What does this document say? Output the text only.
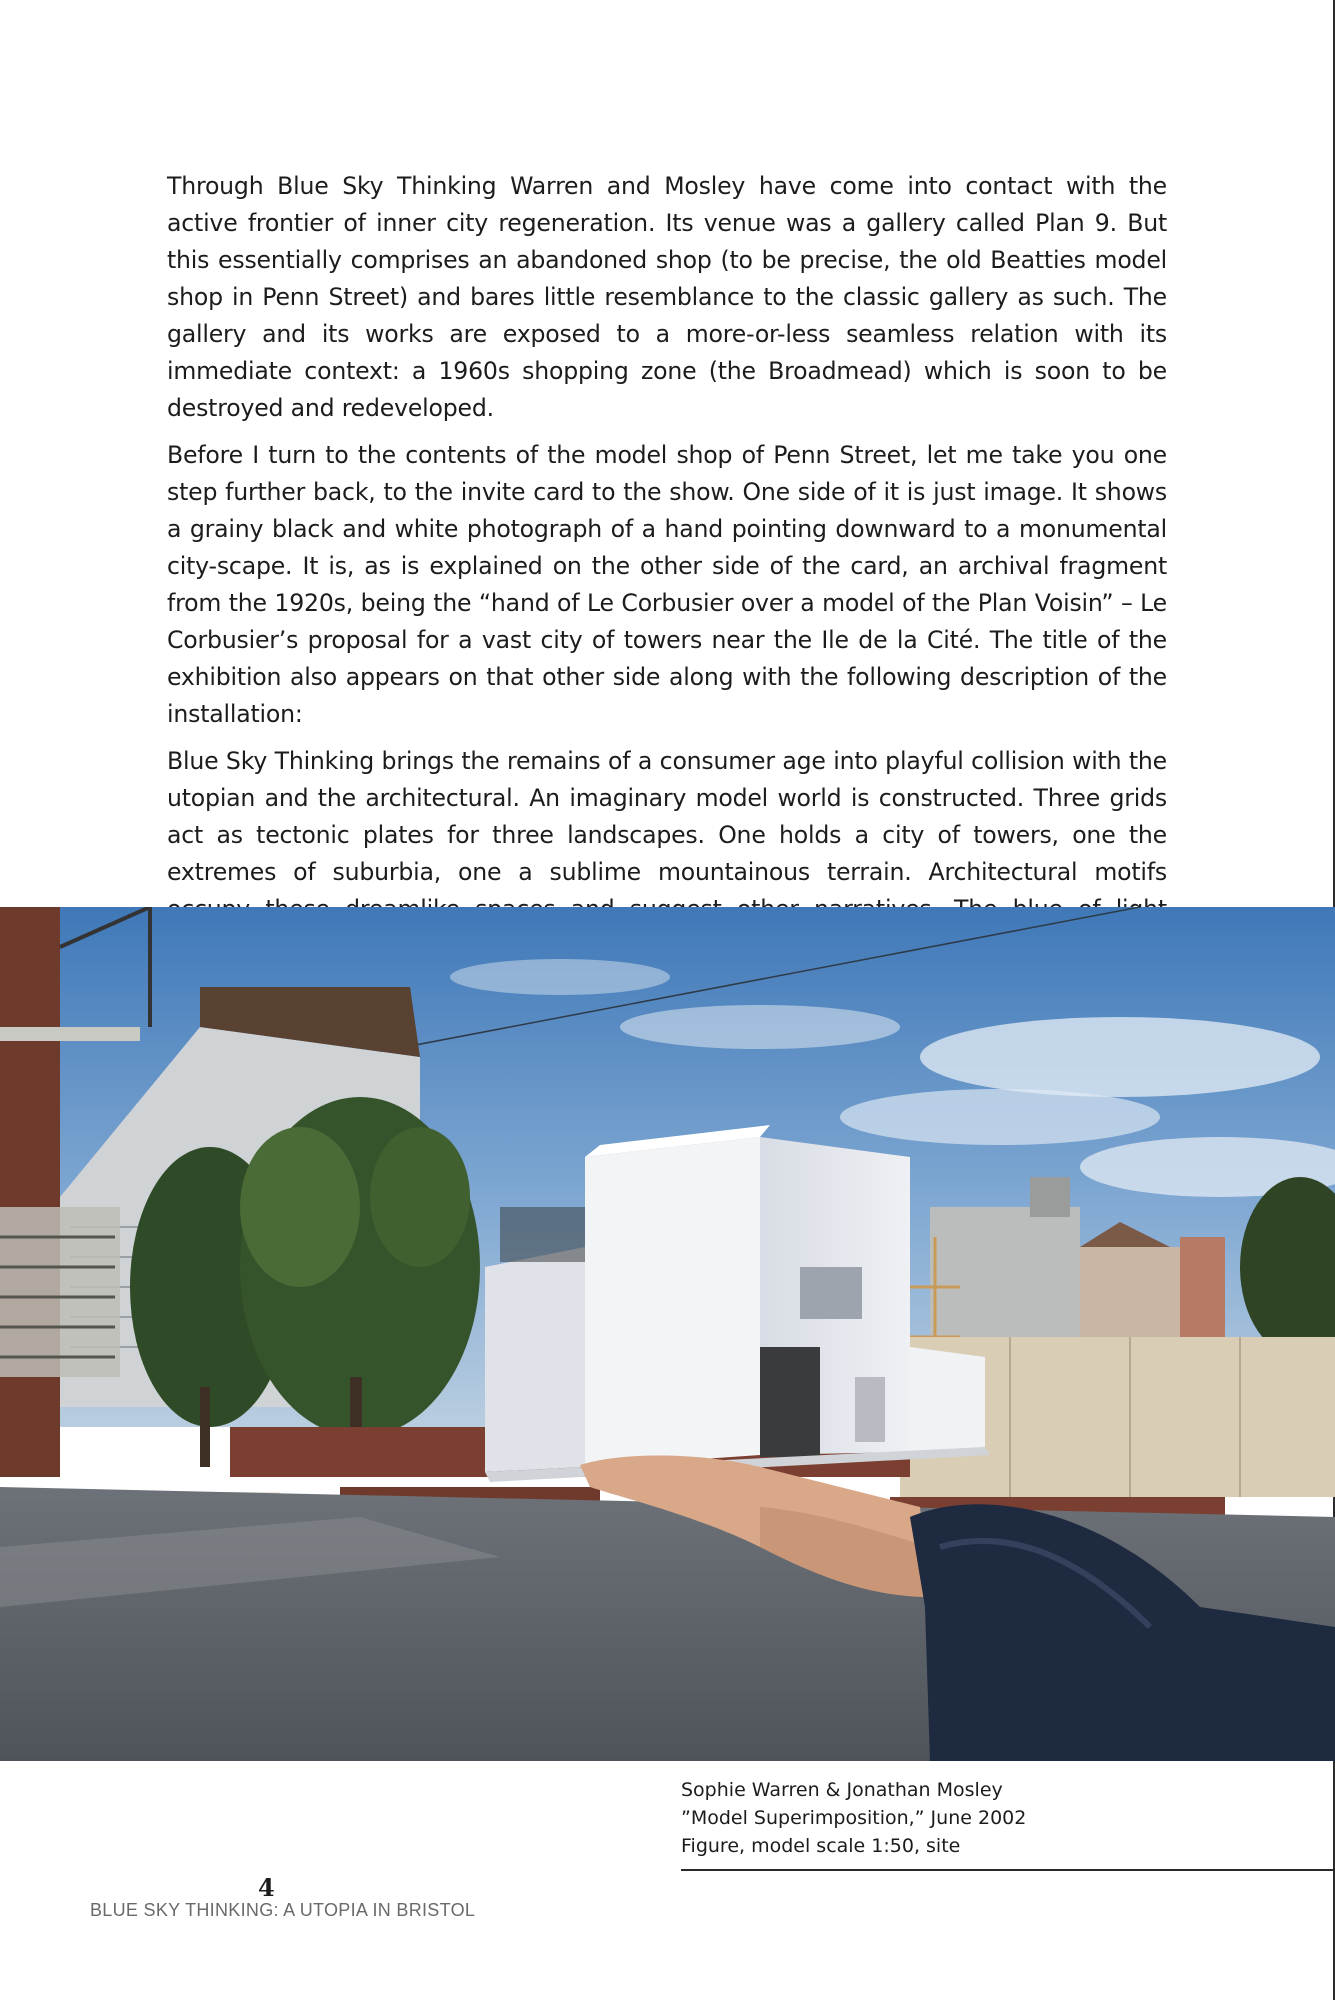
Through Blue Sky Thinking Warren and Mosley have come into contact with the active frontier of inner city regeneration. Its venue was a gallery called Plan 9. But this essentially comprises an abandoned shop (to be precise, the old Beatties model shop in Penn Street) and bares little resemblance to the classic gallery as such. The gallery and its works are exposed to a more-or-less seamless relation with its immediate context: a 1960s shopping zone (the Broadmead) which is soon to be destroyed and redeveloped.

Before I turn to the contents of the model shop of Penn Street, let me take you one step further back, to the invite card to the show. One side of it is just image. It shows a grainy black and white photograph of a hand pointing downward to a monumental city-scape. It is, as is explained on the other side of the card, an archival fragment from the 1920s, being the “hand of Le Corbusier over a model of the Plan Voisin” – Le Corbusier’s proposal for a vast city of towers near the Ile de la Cité. The title of the exhibition also appears on that other side along with the following description of the installation:

Blue Sky Thinking brings the remains of a consumer age into playful collision with the utopian and the architectural. An imaginary model world is constructed. Three grids act as tectonic plates for three landscapes. One holds a city of towers, one the extremes of suburbia, one a sublime mountainous terrain. Architectural motifs

Sophie Warren & Jonathan Mosley
”Model Superimposition,” June 2002
Figure, model scale 1:50, site
4
BLUE SKY THINKING: A UTOPIA IN BRISTOL
